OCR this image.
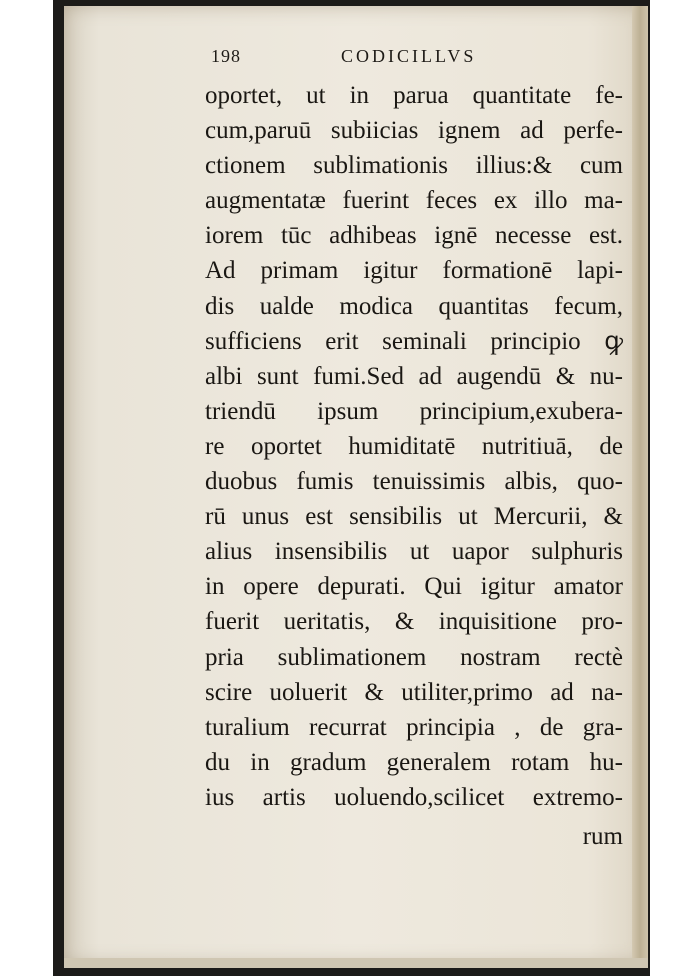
198	CODICILLVS
oportet, ut in parua quantitate fe-
cum,paruū subiicias ignem ad perfe-
ctionem sublimationis illius:& cum
augmentatæ fuerint feces ex illo ma-
iorem tūc adhibeas ignē necesse est.
Ad primam igitur formationē lapi-
dis ualde modica quantitas fecum,
sufficiens erit seminali principio ꝙ
albi sunt fumi.Sed ad augendū & nu-
triendū ipsum principium,exubera-
re oportet humiditatē nutritiuā, de
duobus fumis tenuissimis albis, quo-
rū unus est sensibilis ut Mercurii, &
alius insensibilis ut uapor sulphuris
in opere depurati. Qui igitur amator
fuerit ueritatis, & inquisitione pro-
pria sublimationem nostram rectè
scire uoluerit & utiliter,primo ad na-
turalium recurrat principia , de gra-
du in gradum generalem rotam hu-
ius artis uoluendo,scilicet extremo-
rum
